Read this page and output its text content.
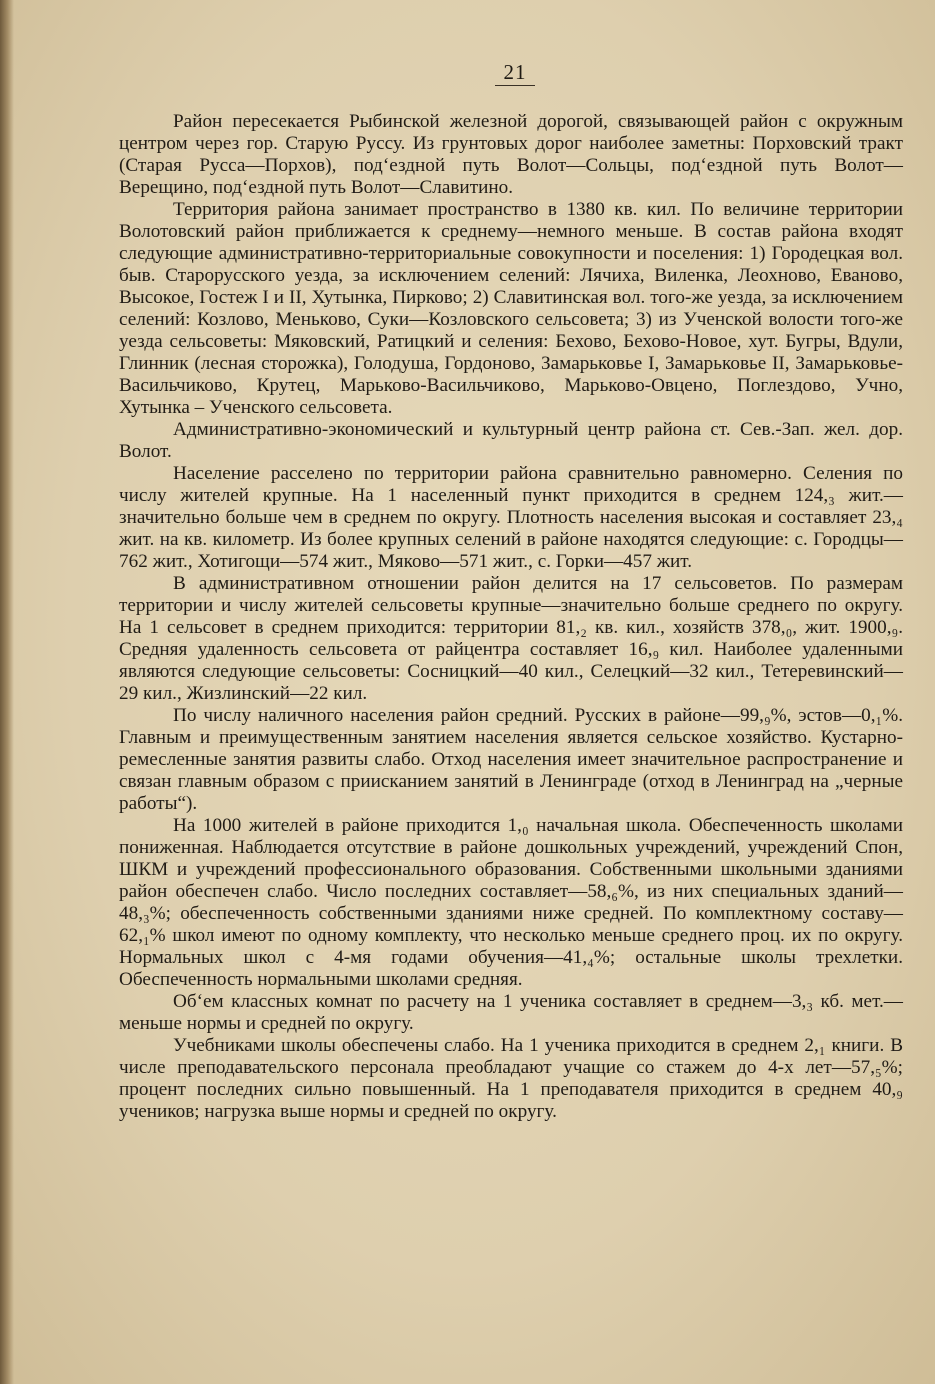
21

Район пересекается Рыбинской железной дорогой, связывающей район с окружным центром через гор. Старую Руссу. Из грунтовых дорог наиболее заметны: Порховский тракт (Старая Русса—Порхов), под‘ездной путь Волот—Сольцы, под‘ездной путь Волот—Верещино, под‘ездной путь Волот—Славитино.

Территория района занимает пространство в 1380 кв. кил. По величине территории Волотовский район приближается к среднему—немного меньше. В состав района входят следующие административно-территориальные совокупности и поселения: 1) Городецкая вол. быв. Старорусского уезда, за исключением селений: Лячиха, Виленка, Леохново, Еваново, Высокое, Гостеж I и II, Хутынка, Пирково; 2) Славитинская вол. того-же уезда, за исключением селений: Козлово, Меньково, Суки—Козловского сельсовета; 3) из Ученской волости того-же уезда сельсоветы: Мяковский, Ратицкий и селения: Бехово, Бехово-Новое, хут. Бугры, Вдули, Глинник (лесная сторожка), Голодуша, Гордоново, Замарьковье I, Замарьковье II, Замарьковье-Васильчиково, Крутец, Марьково-Васильчиково, Марьково-Овцено, Поглездово, Учно, Хутынка – Ученского сельсовета.

Административно-экономический и культурный центр района ст. Сев.-Зап. жел. дор. Волот.

Население расселено по территории района сравнительно равномерно. Селения по числу жителей крупные. На 1 населенный пункт приходится в среднем 124,₃ жит.—значительно больше чем в среднем по округу. Плотность населения высокая и составляет 23,₄ жит. на кв. километр. Из более крупных селений в районе находятся следующие: с. Городцы—762 жит., Хотигощи—574 жит., Мяково—571 жит., с. Горки—457 жит.

В административном отношении район делится на 17 сельсоветов. По размерам территории и числу жителей сельсоветы крупные—значительно больше среднего по округу. На 1 сельсовет в среднем приходится: территории 81,₂ кв. кил., хозяйств 378,₀, жит. 1900,₉. Средняя удаленность сельсовета от райцентра составляет 16,₉ кил. Наиболее удаленными являются следующие сельсоветы: Сосницкий—40 кил., Селецкий—32 кил., Тетеревинский—29 кил., Жизлинский—22 кил.

По числу наличного населения район средний. Русских в районе—99,₉%, эстов—0,₁%. Главным и преимущественным занятием населения является сельское хозяйство. Кустарно-ремесленные занятия развиты слабо. Отход населения имеет значительное распространение и связан главным образом с приисканием занятий в Ленинграде (отход в Ленинград на „черные работы“).

На 1000 жителей в районе приходится 1,₀ начальная школа. Обеспеченность школами пониженная. Наблюдается отсутствие в районе дошкольных учреждений, учреждений Спон, ШКМ и учреждений профессионального образования. Собственными школьными зданиями район обеспечен слабо. Число последних составляет—58,₆%, из них специальных зданий—48,₃%; обеспеченность собственными зданиями ниже средней. По комплектному составу—62,₁% школ имеют по одному комплекту, что несколько меньше среднего проц. их по округу. Нормальных школ с 4-мя годами обучения—41,₄%; остальные школы трехлетки. Обеспеченность нормальными школами средняя.

Об‘ем классных комнат по расчету на 1 ученика составляет в среднем—3,₃ кб. мет.—меньше нормы и средней по округу.

Учебниками школы обеспечены слабо. На 1 ученика приходится в среднем 2,₁ книги. В числе преподавательского персонала преобладают учащие со стажем до 4-х лет—57,₅%; процент последних сильно повышенный. На 1 преподавателя приходится в среднем 40,₉ учеников; нагрузка выше нормы и средней по округу.
